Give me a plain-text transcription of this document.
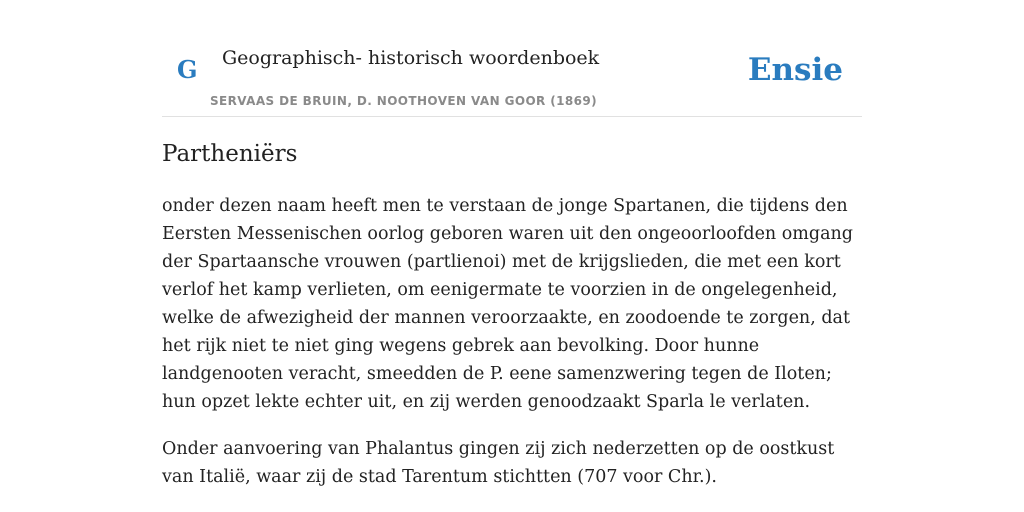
G Geographisch- historisch woordenboek
SERVAAS DE BRUIN, D. NOOTHOVEN VAN GOOR (1869)
Ensie
Partheniërs

onder dezen naam heeft men te verstaan de jonge Spartanen, die tijdens den Eersten Messenischen oorlog geboren waren uit den ongeoorloofden omgang der Spartaansche vrouwen (partlienoi) met de krijgslieden, die met een kort verlof het kamp verlieten, om eenigermate te voorzien in de ongelegenheid, welke de afwezigheid der mannen veroorzaakte, en zoodoende te zorgen, dat het rijk niet te niet ging wegens gebrek aan bevolking. Door hunne landgenooten veracht, smeedden de P. eene samenzwering tegen de Iloten; hun opzet lekte echter uit, en zij werden genoodzaakt Sparla le verlaten.

Onder aanvoering van Phalantus gingen zij zich nederzetten op de oostkust van Italië, waar zij de stad Tarentum stichtten (707 voor Chr.).
